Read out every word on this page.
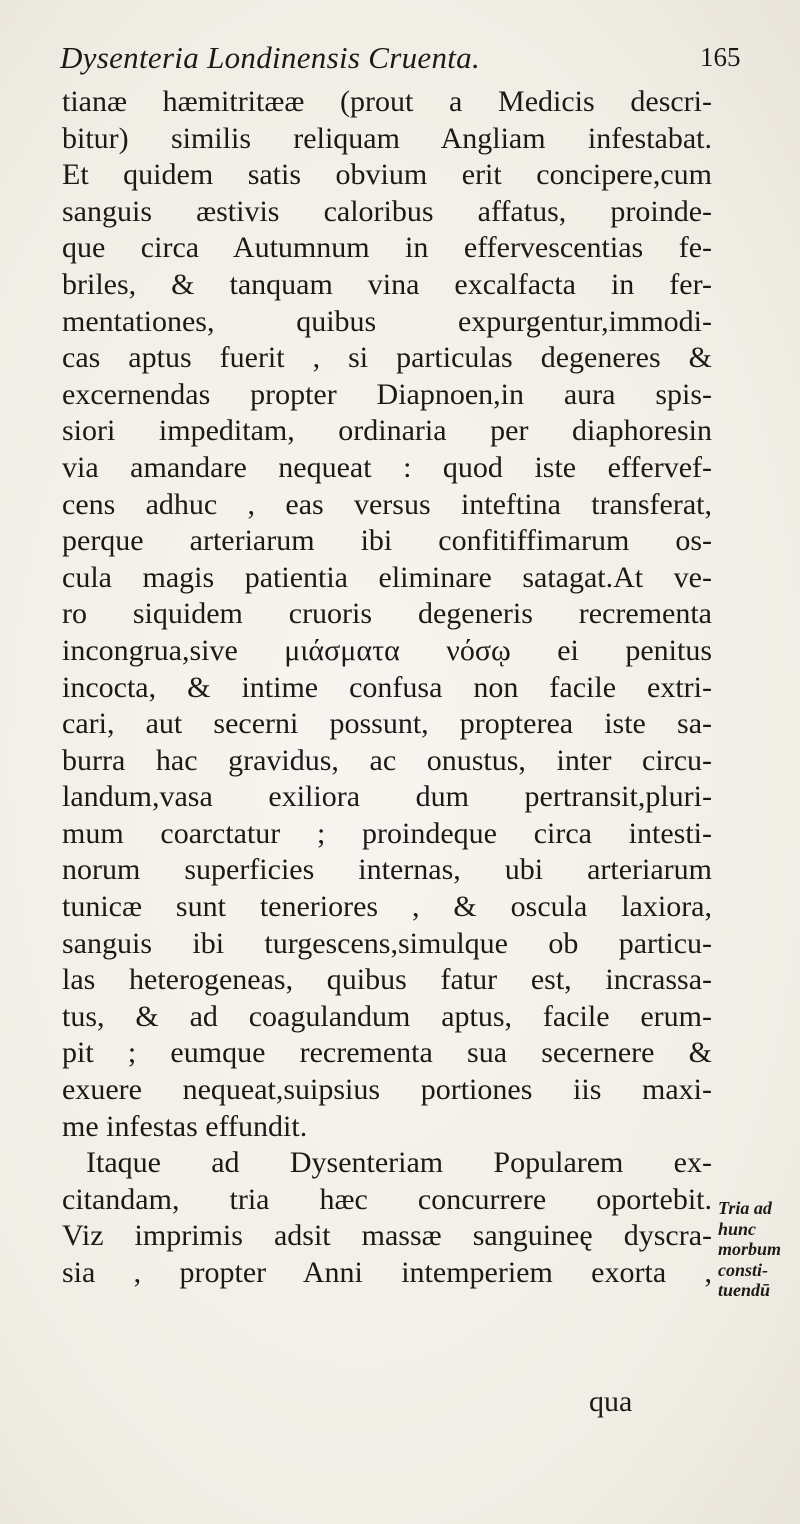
Dysenteria Londinensis Cruenta.	165
tianæ hæmitritææ (prout a Medicis descri-
bitur) similis reliquam Angliam infestabat.
Et quidem satis obvium erit concipere,cum
sanguis æstivis caloribus affatus, proinde-
que circa Autumnum in effervescentias fe-
briles, & tanquam vina excalfacta in fer-
mentationes, quibus expurgentur,immodi-
cas aptus fuerit , si particulas degeneres &
excernendas propter Diapnoen,in aura spis-
siori impeditam, ordinaria per diaphoresin
via amandare nequeat : quod iste effervef-
cens adhuc , eas versus inteftina transferat,
perque arteriarum ibi confitiffimarum os-
cula magis patientia eliminare satagat.At ve-
ro siquidem cruoris degeneris recrementa
incongrua,sive μιάσματα νόσῳ ei penitus
incocta, & intime confusa non facile extri-
cari, aut secerni possunt, propterea iste sa-
burra hac gravidus, ac onustus, inter circu-
landum,vasa exiliora dum pertransit,pluri-
mum coarctatur ; proindeque circa intesti-
norum superficies internas, ubi arteriarum
tunicæ sunt teneriores , & oscula laxiora,
sanguis ibi turgescens,simulque ob particu-
las heterogeneas, quibus fatur est, incrassa-
tus, & ad coagulandum aptus, facile erum-
pit ; eumque recrementa sua secernere &
exuere nequeat,suipsius portiones iis maxi-
me infestas effundit.
Itaque ad Dysenteriam Popularem ex-
citandam, tria hæc concurrere oportebit.
Viz imprimis adsit massæ sanguineę dyscra-
sia , propter Anni intemperiem exorta ,
qua
Tria ad
hunc
morbum
consti-
tuendū
